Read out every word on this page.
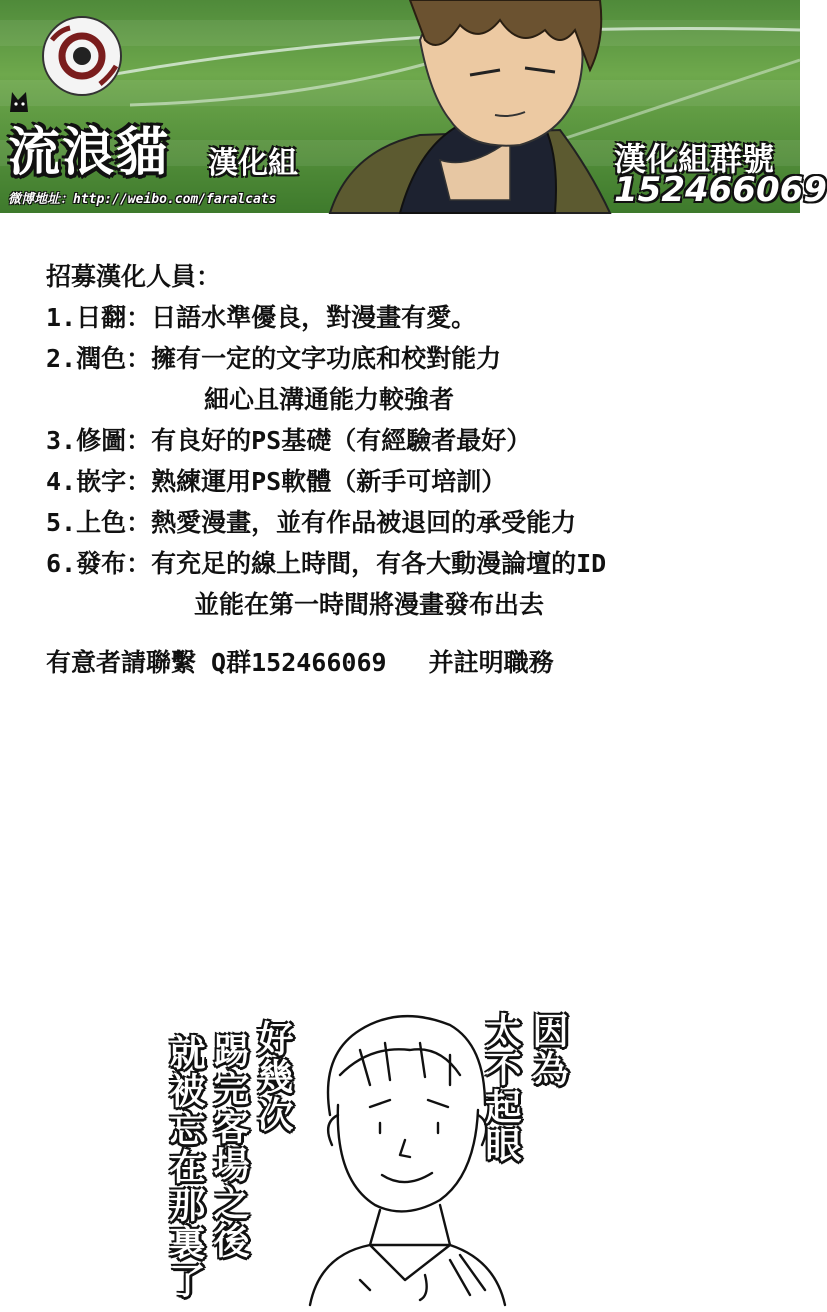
流浪貓 漢化組
微博地址：http://weibo.com/faralcats
漢化組群號
152466069
招募漢化人員：
1.日翻：日語水準優良，對漫畫有愛。
2.潤色：擁有一定的文字功底和校對能力
細心且溝通能力較強者
3.修圖：有良好的PS基礎（有經驗者最好）
4.嵌字：熟練運用PS軟體（新手可培訓）
5.上色：熱愛漫畫，並有作品被退回的承受能力
6.發布：有充足的線上時間，有各大動漫論壇的ID
並能在第一時間將漫畫發布出去
有意者請聯繫 Q群152466069 并註明職務
因為
太不起眼
好幾次
踢完客場之後
就被忘在那裏了
